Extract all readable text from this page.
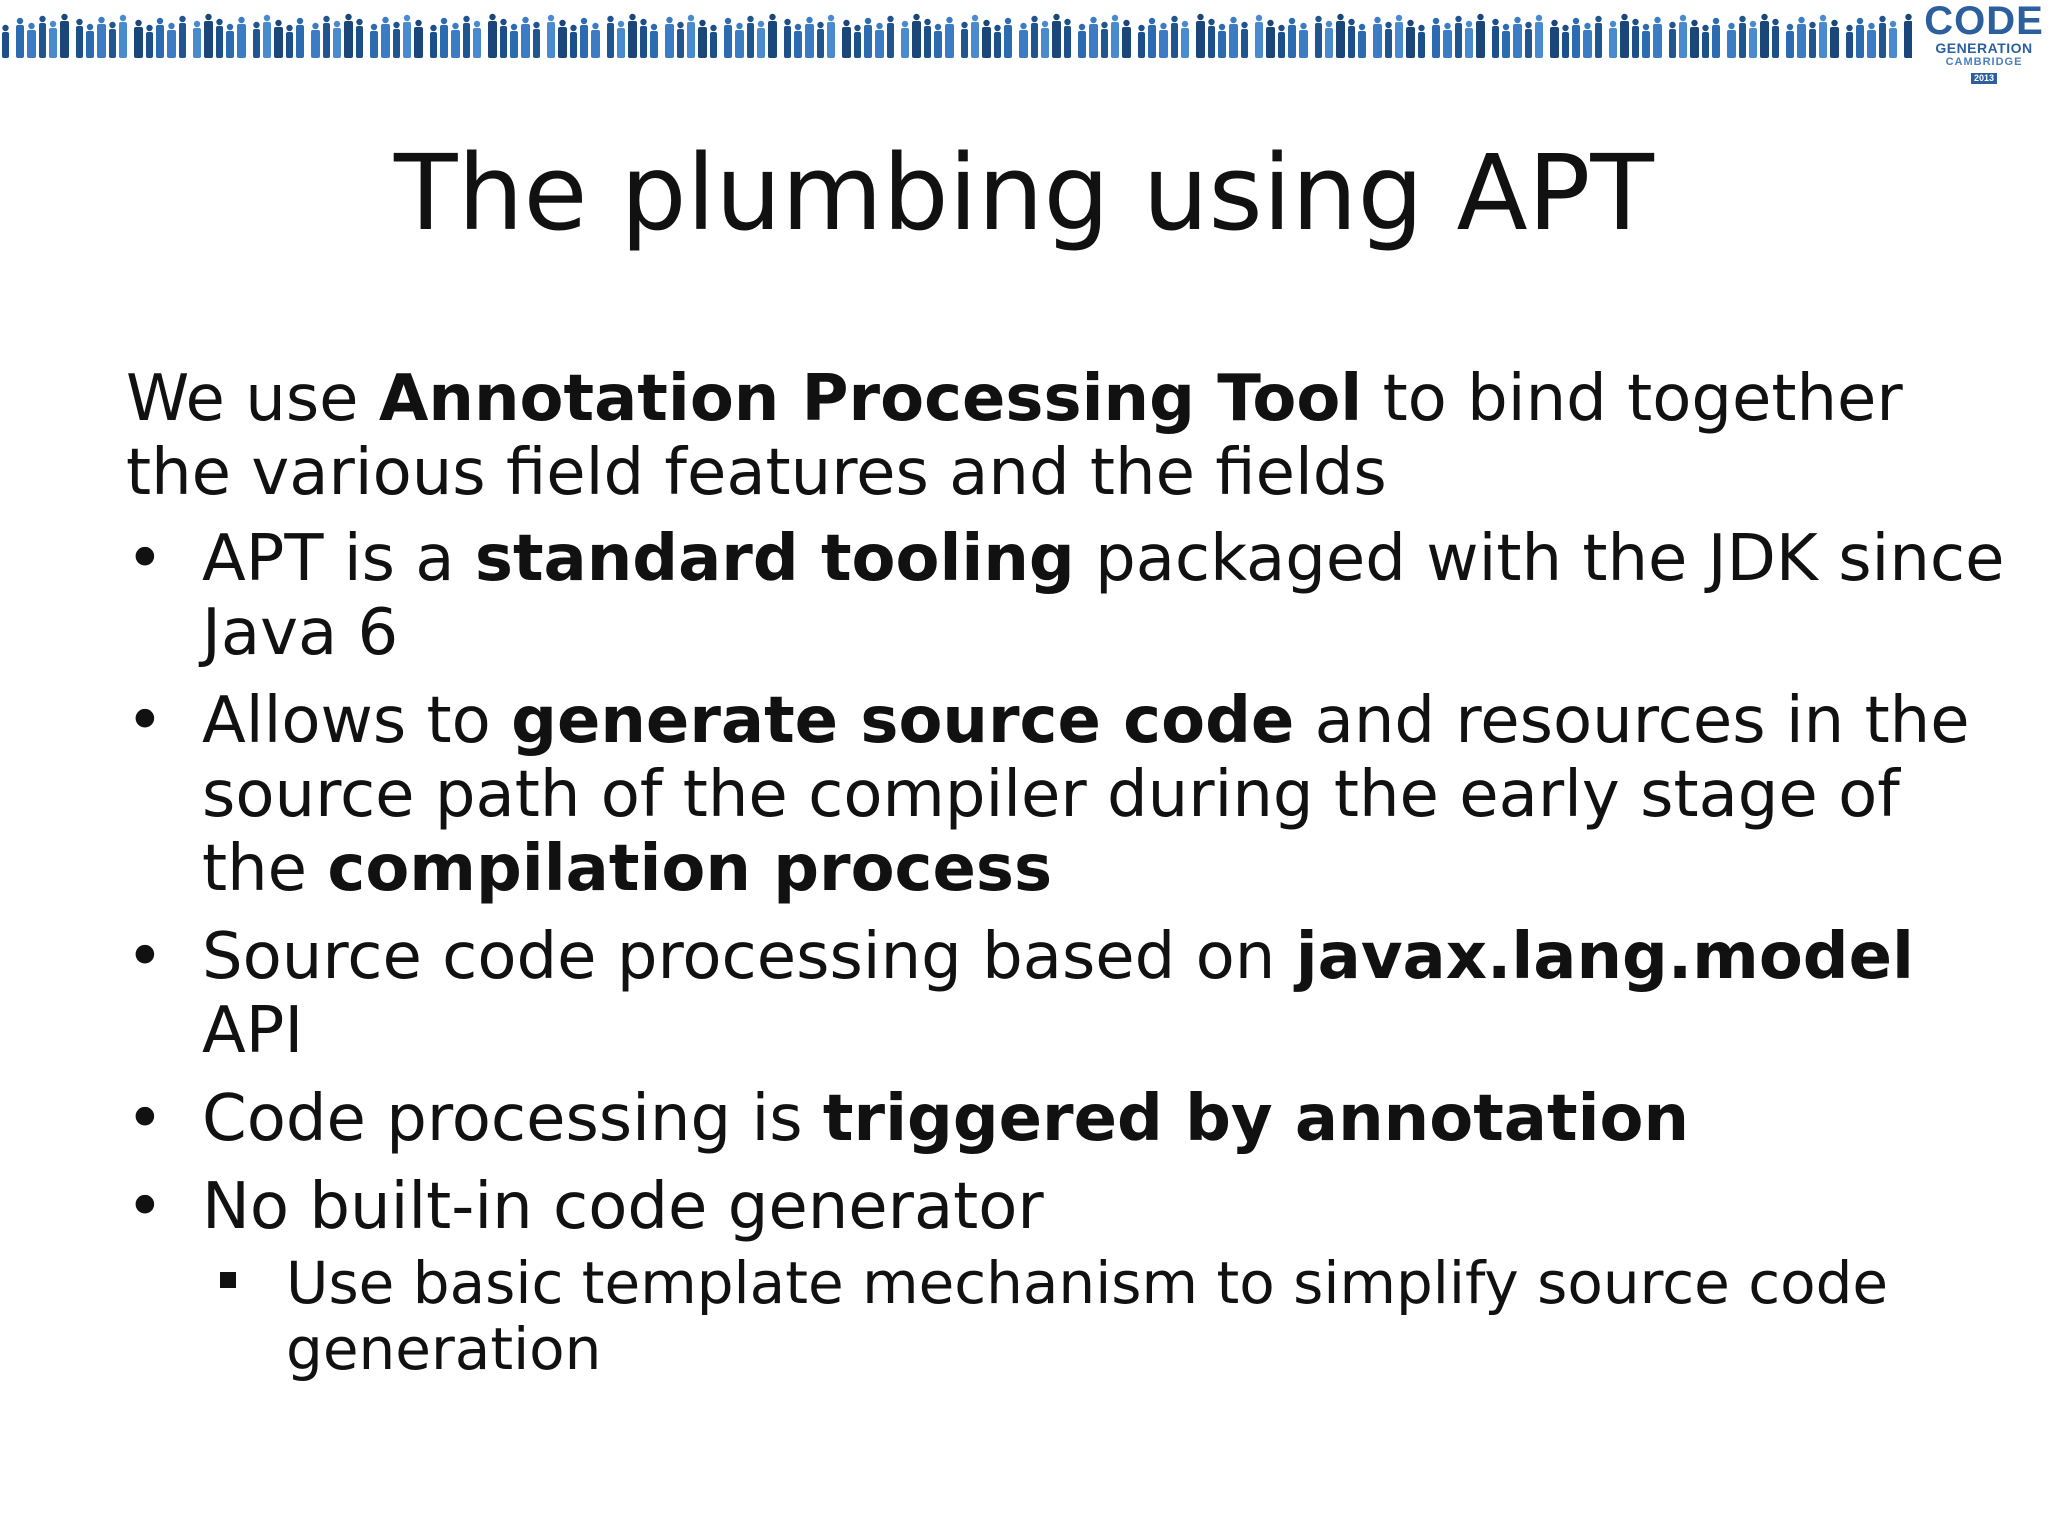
CODE
GENERATION
CAMBRIDGE
2013
The plumbing using APT

We use Annotation Processing Tool to bind together the various field features and the fields

• APT is a standard tooling packaged with the JDK since Java 6
• Allows to generate source code and resources in the source path of the compiler during the early stage of the compilation process
• Source code processing based on javax.lang.model API
• Code processing is triggered by annotation
• No built-in code generator
Use basic template mechanism to simplify source code generation
